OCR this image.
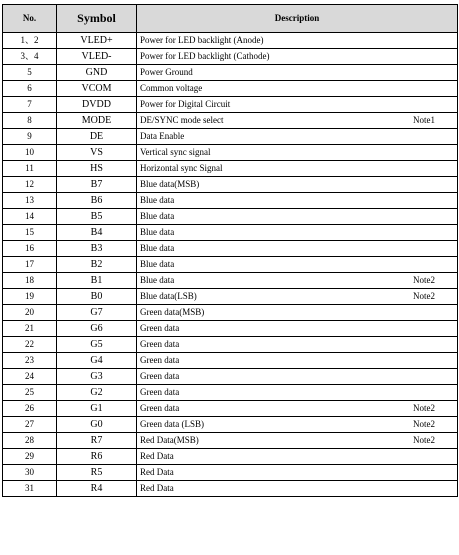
No.	Symbol	Description
1、2	VLED+	Power for LED backlight (Anode)
3、4	VLED-	Power for LED backlight (Cathode)
5	GND	Power Ground
6	VCOM	Common voltage
7	DVDD	Power for Digital Circuit
8	MODE	DE/SYNC mode select Note1

9	DE	Data Enable
10	VS	Vertical sync signal
11	HS	Horizontal sync Signal
12	B7	Blue data(MSB)
13	B6	Blue data
14	B5	Blue data
15	B4	Blue data
16	B3	Blue data
17	B2	Blue data
18	B1	Blue data Note2

19	B0	Blue data(LSB) Note2

20	G7	Green data(MSB)
21	G6	Green data
22	G5	Green data
23	G4	Green data
24	G3	Green data
25	G2	Green data
26	G1	Green data Note2

27	G0	Green data (LSB) Note2

28	R7	Red Data(MSB) Note2

29	R6	Red Data
30	R5	Red Data
31	R4	Red Data
